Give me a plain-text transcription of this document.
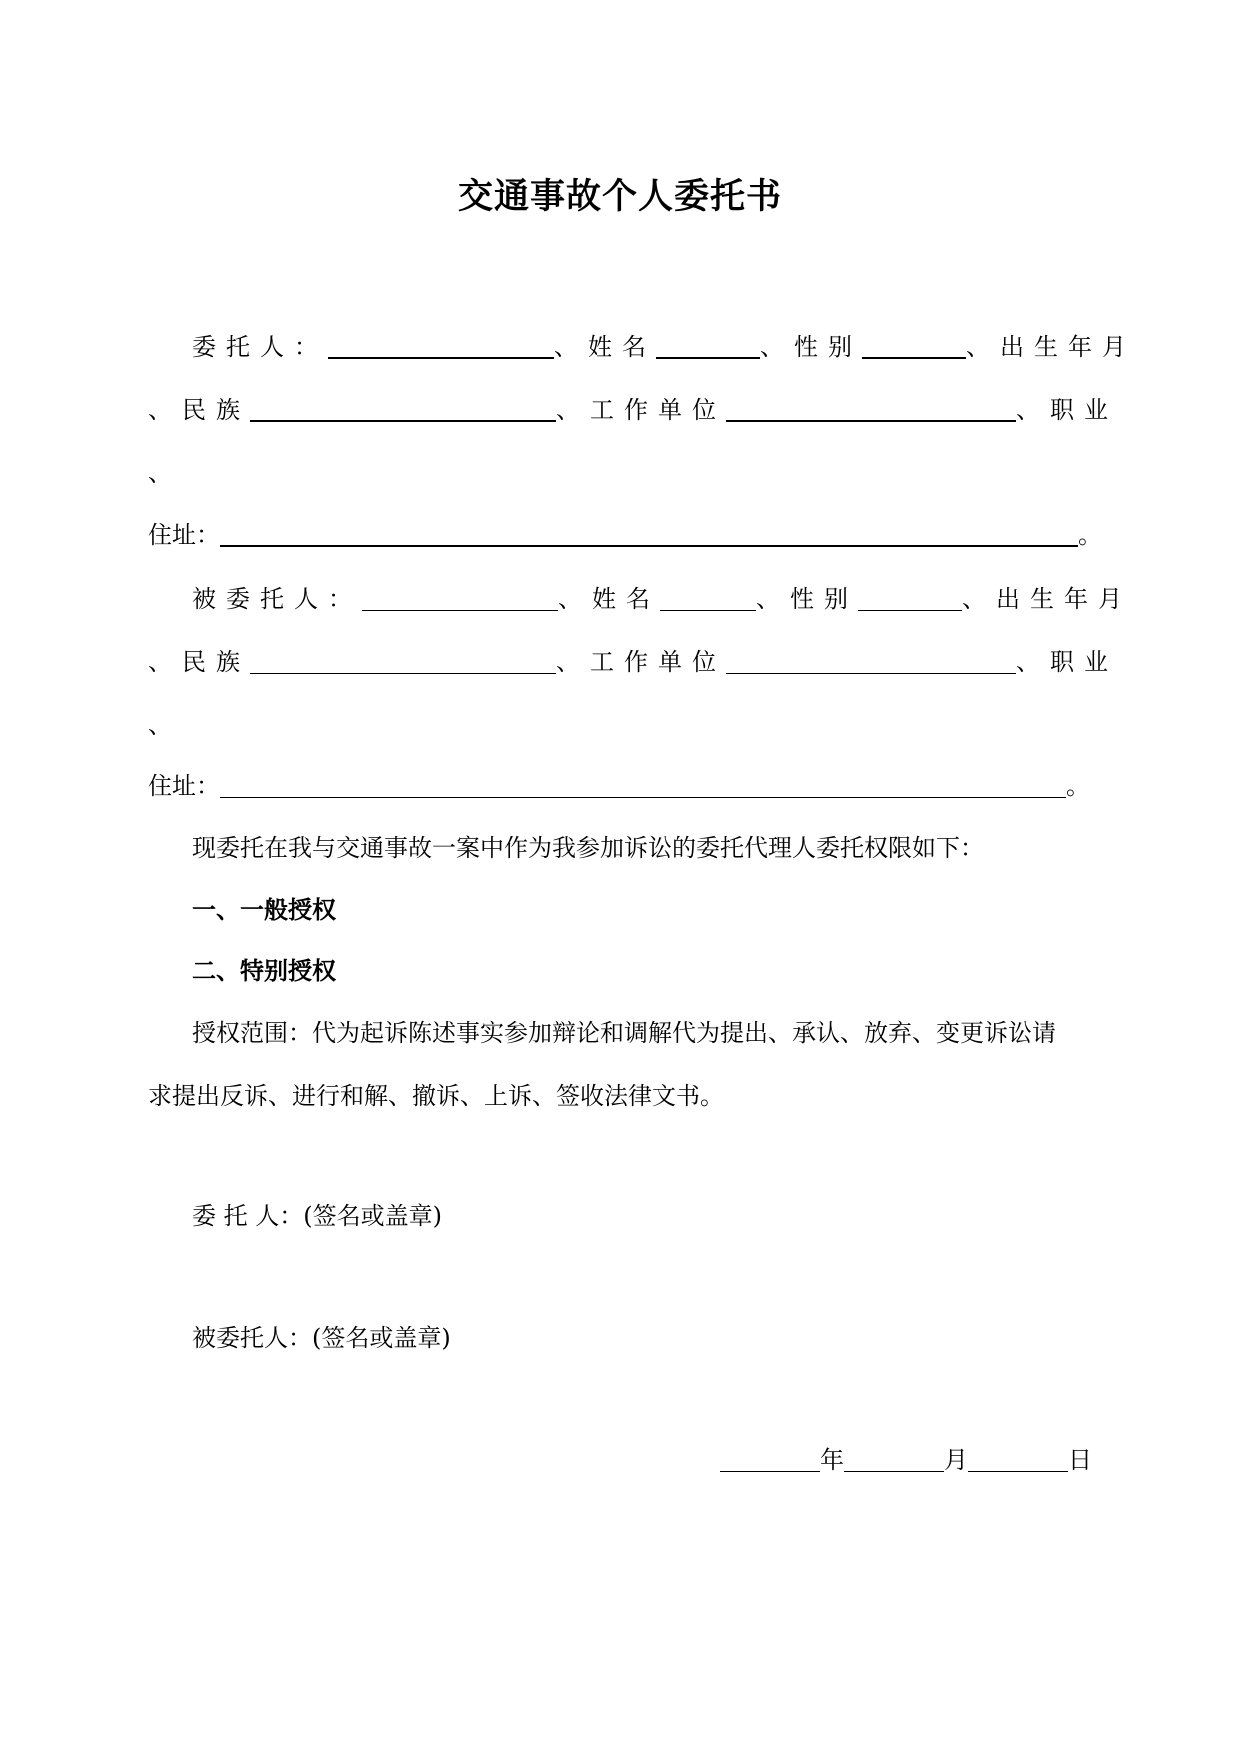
交通事故个人委托书
委托人：	、姓名	、性别	、出生年月
、民族	、工作单位	、职业
、
住址：	。
被委托人：	、姓名	、性别	、出生年月
、民族	、工作单位	、职业
、
住址：	。
现委托在我与交通事故一案中作为我参加诉讼的委托代理人委托权限如下：
一、一般授权
二、特别授权
授权范围：代为起诉陈述事实参加辩论和调解代为提出、承认、放弃、变更诉讼请
求提出反诉、进行和解、撤诉、上诉、签收法律文书。
委 托 人：(签名或盖章)
被委托人：(签名或盖章)
年	月	日
